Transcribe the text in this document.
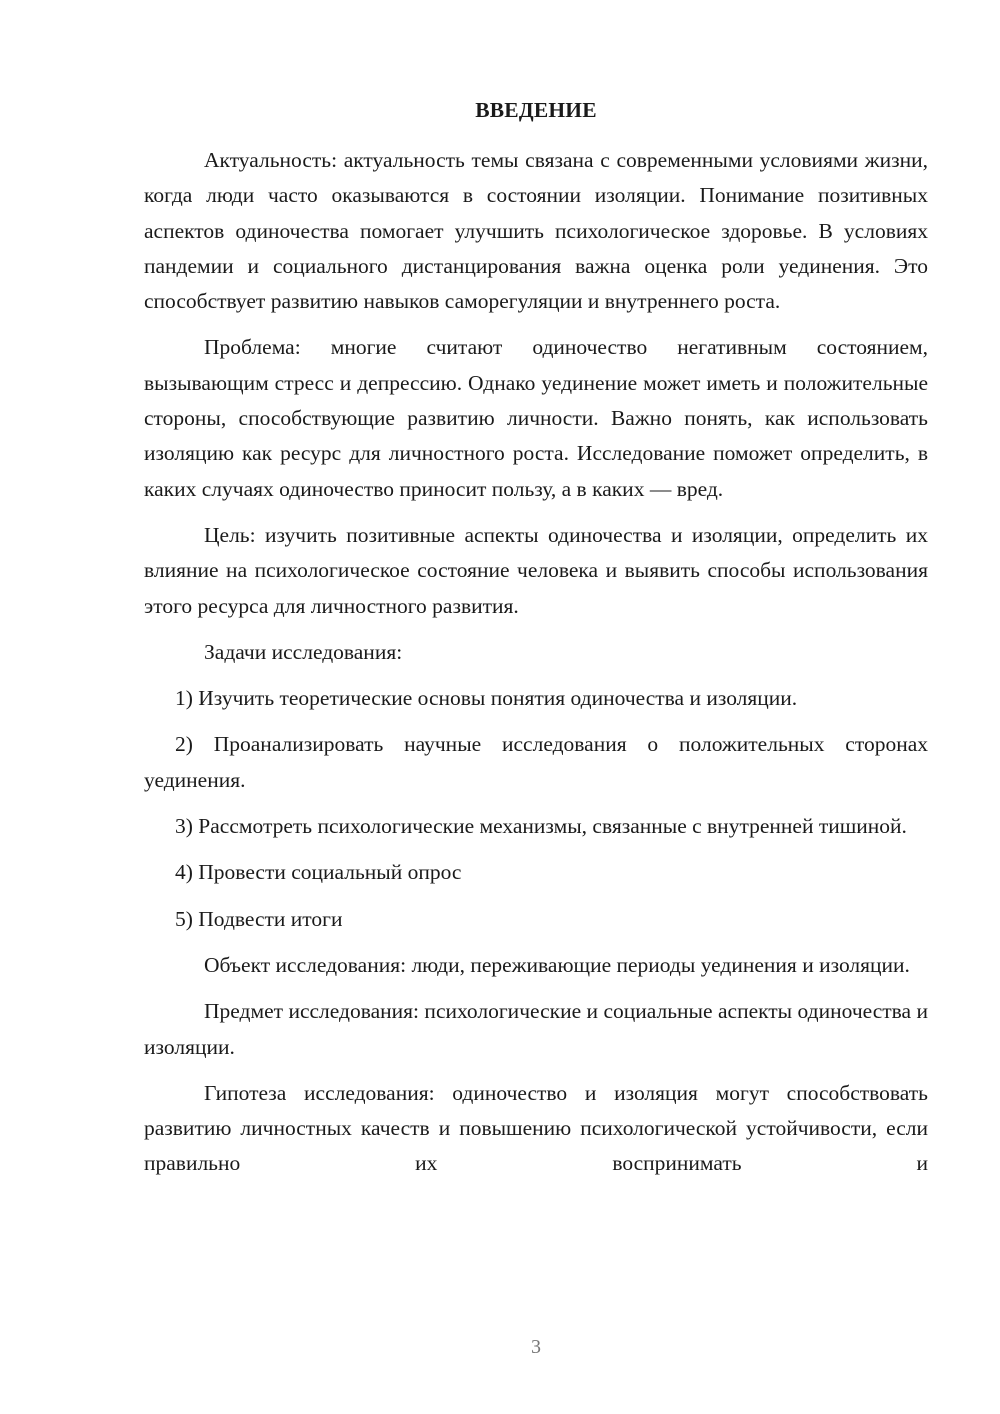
ВВЕДЕНИЕ

Актуальность: актуальность темы связана с современными условиями жизни, когда люди часто оказываются в состоянии изоляции. Понимание позитивных аспектов одиночества помогает улучшить психологическое здоровье. В условиях пандемии и социального дистанцирования важна оценка роли уединения. Это способствует развитию навыков саморегуляции и внутреннего роста.

Проблема: многие считают одиночество негативным состоянием, вызывающим стресс и депрессию. Однако уединение может иметь и положительные стороны, способствующие развитию личности. Важно понять, как использовать изоляцию как ресурс для личностного роста. Исследование поможет определить, в каких случаях одиночество приносит пользу, а в каких — вред.

Цель: изучить позитивные аспекты одиночества и изоляции, определить их влияние на психологическое состояние человека и выявить способы использования этого ресурса для личностного развития.

Задачи исследования:

1) Изучить теоретические основы понятия одиночества и изоляции.

2) Проанализировать научные исследования о положительных сторонах уединения.

3) Рассмотреть психологические механизмы, связанные с внутренней тишиной.

4) Провести социальный опрос

5) Подвести итоги

Объект исследования: люди, переживающие периоды уединения и изоляции.

Предмет исследования: психологические и социальные аспекты одиночества и изоляции.

Гипотеза исследования: одиночество и изоляция могут способствовать развитию личностных качеств и повышению психологической устойчивости, если правильно их воспринимать и

3
